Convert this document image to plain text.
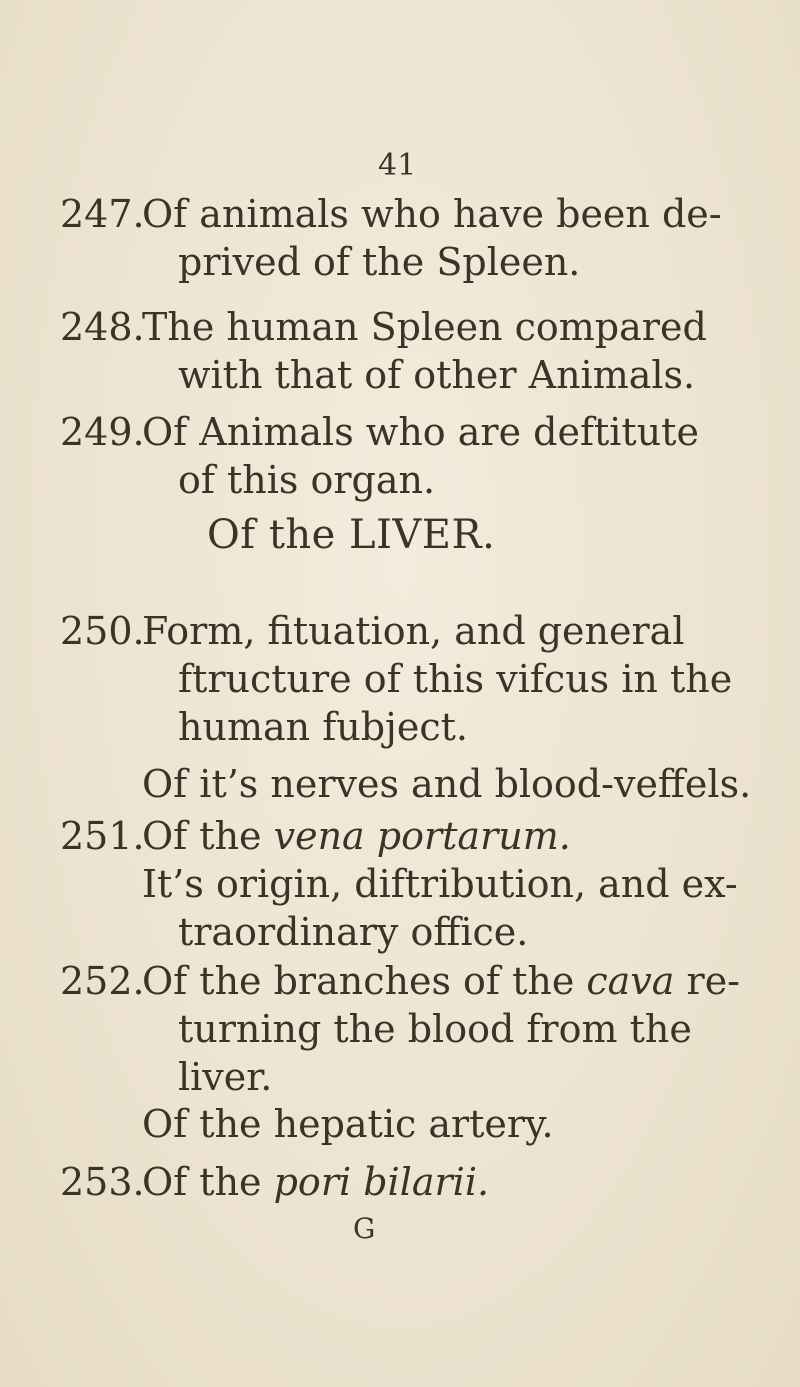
41
247.
Of animals who have been de-
prived of the Spleen.
248.
The human Spleen compared
with that of other Animals.
249.
Of Animals who are deftitute
of this organ.
Of the LIVER.
250.
Form, fituation, and general
ftructure of this vifcus in the
human fubject.
Of it’s nerves and blood-veffels.
251.
Of the vena portarum.
It’s origin, diftribution, and ex-
traordinary office.
252.
Of the branches of the cava re-
turning the blood from the
liver.
Of the hepatic artery.
253.
Of the pori bilarii.
G
